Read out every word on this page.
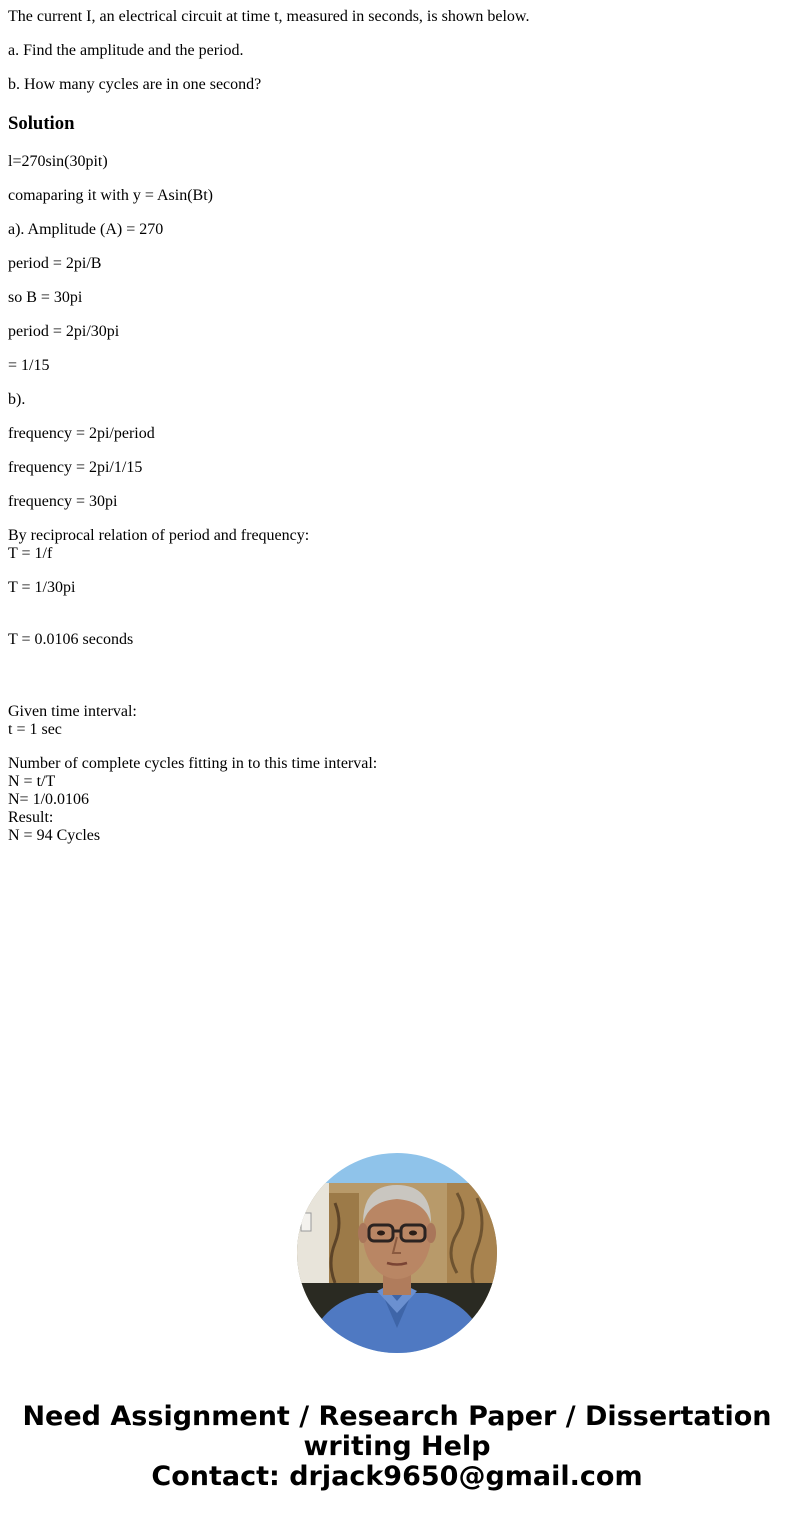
The current I, an electrical circuit at time t, measured in seconds, is shown below.
a. Find the amplitude and the period.
b. How many cycles are in one second?
Solution
l=270sin(30pit)
comaparing it with y = Asin(Bt)
a). Amplitude (A) = 270
period = 2pi/B
so B = 30pi
period = 2pi/30pi
= 1/15
b).
frequency = 2pi/period
frequency = 2pi/1/15
frequency = 30pi
By reciprocal relation of period and frequency:
T = 1/f
T = 1/30pi
T = 0.0106 seconds
Given time interval:
t = 1 sec
Number of complete cycles fitting in to this time interval:
N = t/T
N= 1/0.0106
Result:
N = 94 Cycles
Need Assignment / Research Paper / Dissertation
writing Help
Contact: drjack9650@gmail.com
